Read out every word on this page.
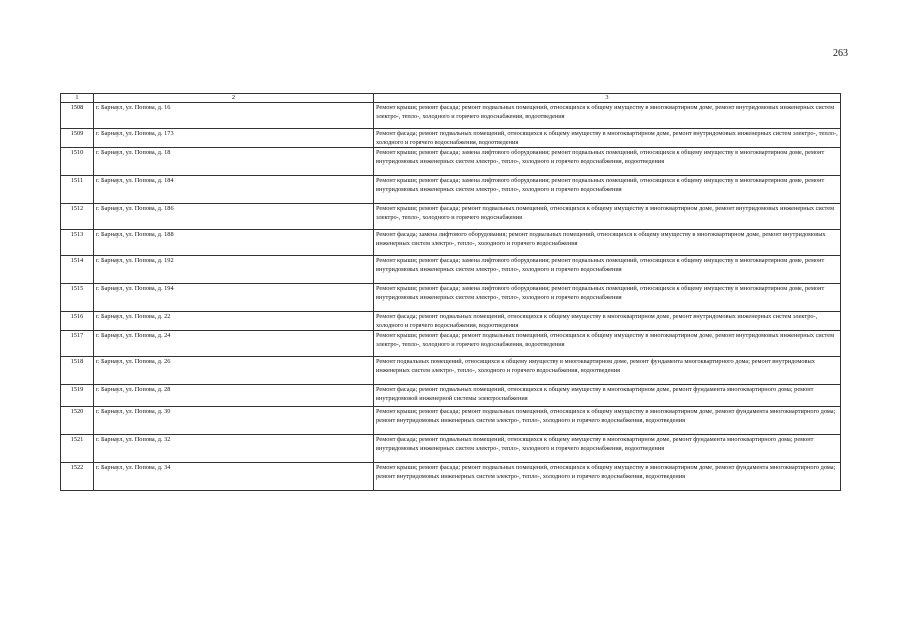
263
1	2	3
1508	г. Барнаул, ул. Попова, д. 16	Ремонт крыши; ремонт фасада; ремонт подвальных помещений, относящихся к общему имуществу в многоквартирном доме, ремонт внутридомовых инженерных систем электро-, тепло-, холодного и горячего водоснабжения, водоотведения
1509	г. Барнаул, ул. Попова, д. 173	Ремонт фасада; ремонт подвальных помещений, относящихся к общему имуществу в многоквартирном доме, ремонт внутридомовых инженерных систем электро-, тепло-, холодного и горячего водоснабжения, водоотведения
1510	г. Барнаул, ул. Попова, д. 18	Ремонт крыши; ремонт фасада; замена лифтового оборудования; ремонт подвальных помещений, относящихся к общему имуществу в многоквартирном доме, ремонт внутридомовых инженерных систем электро-, тепло-, холодного и горячего водоснабжения, водоотведения
1511	г. Барнаул, ул. Попова, д. 184	Ремонт крыши; ремонт фасада; замена лифтового оборудования; ремонт подвальных помещений, относящихся к общему имуществу в многоквартирном доме, ремонт внутридомовых инженерных систем электро-, тепло-, холодного и горячего водоснабжения
1512	г. Барнаул, ул. Попова, д. 186	Ремонт крыши; ремонт фасада; ремонт подвальных помещений, относящихся к общему имуществу в многоквартирном доме, ремонт внутридомовых инженерных систем электро-, тепло-, холодного и горячего водоснабжения
1513	г. Барнаул, ул. Попова, д. 188	Ремонт фасада; замена лифтового оборудования; ремонт подвальных помещений, относящихся к общему имуществу в многоквартирном доме, ремонт внутридомовых инженерных систем электро-, тепло-, холодного и горячего водоснабжения
1514	г. Барнаул, ул. Попова, д. 192	Ремонт крыши; ремонт фасада; замена лифтового оборудования; ремонт подвальных помещений, относящихся к общему имуществу в многоквартирном доме, ремонт внутридомовых инженерных систем электро-, тепло-, холодного и горячего водоснабжения
1515	г. Барнаул, ул. Попова, д. 194	Ремонт крыши; ремонт фасада; замена лифтового оборудования; ремонт подвальных помещений, относящихся к общему имуществу в многоквартирном доме, ремонт внутридомовых инженерных систем электро-, тепло-, холодного и горячего водоснабжения
1516	г. Барнаул, ул. Попова, д. 22	Ремонт фасада; ремонт подвальных помещений, относящихся к общему имуществу в многоквартирном доме, ремонт внутридомовых инженерных систем электро-, холодного и горячего водоснабжения, водоотведения
1517	г. Барнаул, ул. Попова, д. 24	Ремонт крыши; ремонт фасада; ремонт подвальных помещений, относящихся к общему имуществу в многоквартирном доме, ремонт внутридомовых инженерных систем электро-, тепло-, холодного и горячего водоснабжения, водоотведения
1518	г. Барнаул, ул. Попова, д. 26	Ремонт подвальных помещений, относящихся к общему имуществу в многоквартирном доме, ремонт фундамента многоквартирного дома; ремонт внутридомовых инженерных систем электро-, тепло-, холодного и горячего водоснабжения, водоотведения
1519	г. Барнаул, ул. Попова, д. 28	Ремонт фасада; ремонт подвальных помещений, относящихся к общему имуществу в многоквартирном доме, ремонт фундамента многоквартирного дома; ремонт внутридомовой инженерной системы электроснабжения
1520	г. Барнаул, ул. Попова, д. 30	Ремонт крыши; ремонт фасада; ремонт подвальных помещений, относящихся к общему имуществу в многоквартирном доме, ремонт фундамента многоквартирного дома; ремонт внутридомовых инженерных систем электро-, тепло-, холодного и горячего водоснабжения, водоотведения
1521	г. Барнаул, ул. Попова, д. 32	Ремонт фасада; ремонт подвальных помещений, относящихся к общему имуществу в многоквартирном доме, ремонт фундамента многоквартирного дома; ремонт внутридомовых инженерных систем электро-, тепло-, холодного и горячего водоснабжения, водоотведения
1522	г. Барнаул, ул. Попова, д. 34	Ремонт крыши; ремонт фасада; ремонт подвальных помещений, относящихся к общему имуществу в многоквартирном доме, ремонт фундамента многоквартирного дома; ремонт внутридомовых инженерных систем электро-, тепло-, холодного и горячего водоснабжения, водоотведения
